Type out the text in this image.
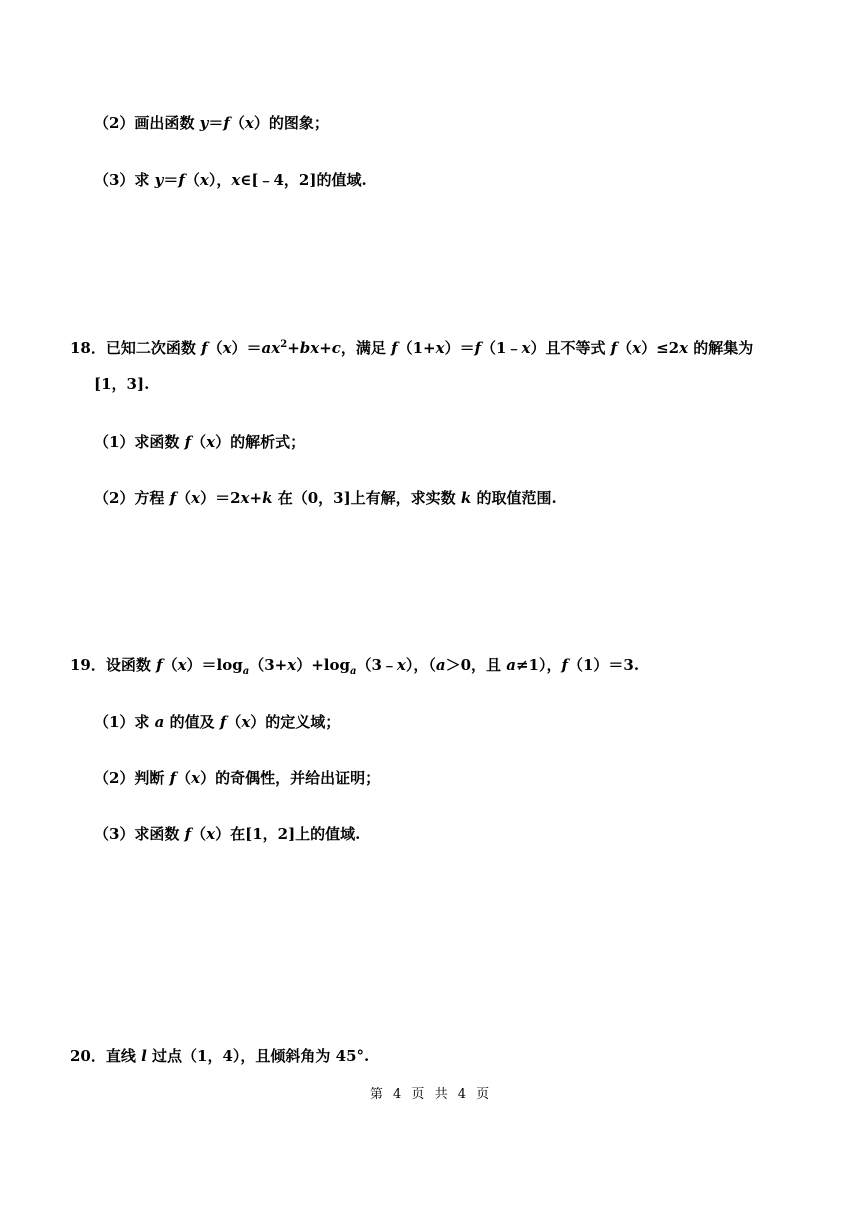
（2）画出函数 y＝f（x）的图象；
（3）求 y＝f（x），x∈[﹣4，2]的值域.
18．已知二次函数 $f(x)=ax^2+bx+c$，满足 f（1+x）＝f（1﹣x）且不等式 f（x）≤2x 的解集为
[1，3].
（1）求函数 f（x）的解析式；
（2）方程 f（x）＝2x+k 在（0，3]上有解，求实数 k 的取值范围.
19．设函数 $f(x)=\log_a(3+x)+\log_a(3﹣x)$，（a＞0，且 a≠1），f（1）＝3.
（1）求 a 的值及 f（x）的定义域；
（2）判断 f（x）的奇偶性，并给出证明；
（3）求函数 f（x）在[1，2]上的值域.
20．直线 l 过点（1，4），且倾斜角为 45°.
第 4 页 共 4 页
